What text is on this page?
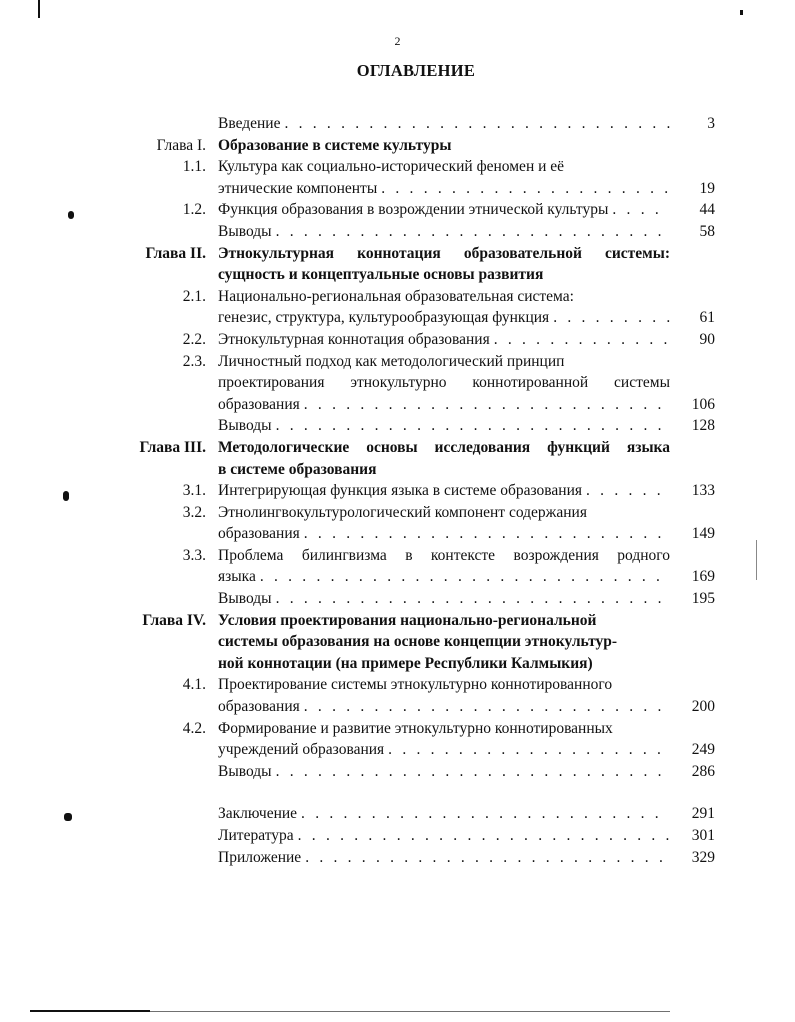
2
ОГЛАВЛЕНИЕ
Введение . . .	3
Глава I. Образование в системе культуры
1.1. Культура как социально-исторический феномен и её
этнические компоненты . . .	19
1.2. Функция образования в возрождении этнической культуры . . .	44
Выводы . . .	58
Глава II. Этнокультурная коннотация образовательной системы:
сущность и концептуальные основы развития
2.1. Национально-региональная образовательная система:
генезис, структура, культурообразующая функция . . .	61
2.2. Этнокультурная коннотация образования . . .	90
2.3. Личностный подход как методологический принцип
проектирования этнокультурно коннотированной системы
образования . . .	106
Выводы . . .	128
Глава III. Методологические основы исследования функций языка
в системе образования
3.1. Интегрирующая функция языка в системе образования . . .	133
3.2. Этнолингвокультурологический компонент содержания
образования . . .	149
3.3. Проблема билингвизма в контексте возрождения родного
языка . . .	169
Выводы . . .	195
Глава IV. Условия проектирования национально-региональной
системы образования на основе концепции этнокультур-
ной коннотации (на примере Республики Калмыкия)
4.1. Проектирование системы этнокультурно коннотированного
образования . . .	200
4.2. Формирование и развитие этнокультурно коннотированных
учреждений образования . . .	249
Выводы . . .	286
Заключение . . .	291
Литература . . .	301
Приложение . . .	329
